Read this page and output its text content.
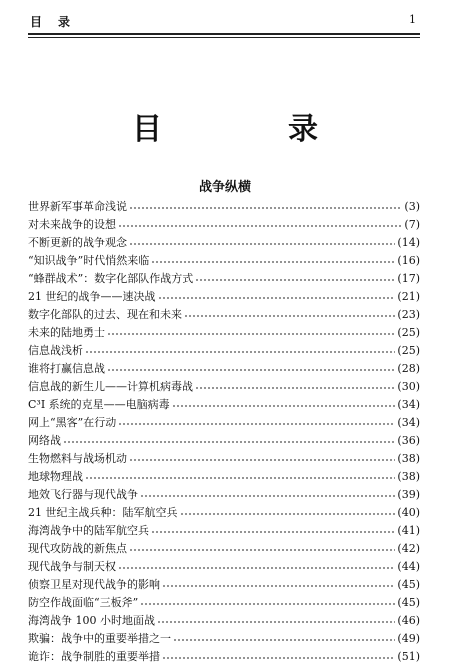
目　录	1
目　录
战争纵横
世界新军事革命浅说	(3)
对未来战争的设想	(7)
不断更新的战争观念	(14)
“知识战争”时代悄然来临	(16)
“蜂群战术”：数字化部队作战方式	(17)
21 世纪的战争——速决战	(21)
数字化部队的过去、现在和未来	(23)
未来的陆地勇士	(25)
信息战浅析	(25)
谁将打赢信息战	(28)
信息战的新生儿——计算机病毒战	(30)
C³I 系统的克星——电脑病毒	(34)
网上“黑客”在行动	(34)
网络战	(36)
生物燃料与战场机动	(38)
地球物理战	(38)
地效飞行器与现代战争	(39)
21 世纪主战兵种：陆军航空兵	(40)
海湾战争中的陆军航空兵	(41)
现代攻防战的新焦点	(42)
现代战争与制天权	(44)
侦察卫星对现代战争的影响	(45)
防空作战面临“三板斧”	(45)
海湾战争 100 小时地面战	(46)
欺骗：战争中的重要举措之一	(49)
诡诈：战争制胜的重要举措	(51)
